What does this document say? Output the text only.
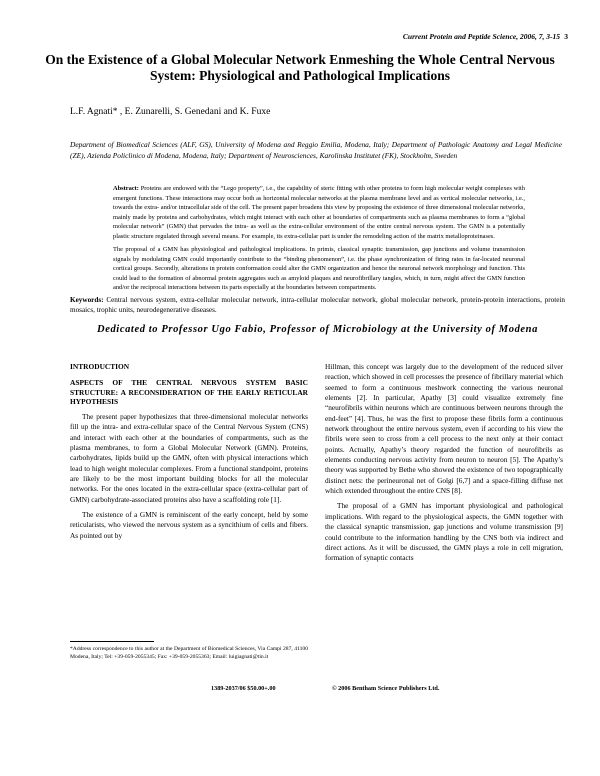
Current Protein and Peptide Science, 2006, 7, 3-15 3
On the Existence of a Global Molecular Network Enmeshing the Whole Central Nervous System: Physiological and Pathological Implications
L.F. Agnati* , E. Zunarelli, S. Genedani and K. Fuxe
Department of Biomedical Sciences (ALF, GS), University of Modena and Reggio Emilia, Modena, Italy; Department of Pathologic Anatomy and Legal Medicine (ZE), Azienda Policlinico di Modena, Modena, Italy; Department of Neurosciences, Karolinska Institutet (FK), Stockholm, Sweden

Abstract: Proteins are endowed with the “Lego property”, i.e., the capability of steric fitting with other proteins to form high molecular weight complexes with emergent functions. These interactions may occur both as horizontal molecular networks at the plasma membrane level and as vertical molecular networks, i.e., towards the extra- and/or intracellular side of the cell. The present paper broadens this view by proposing the existence of three dimensional molecular networks, mainly made by proteins and carbohydrates, which might interact with each other at boundaries of compartments such as plasma membranes to form a “global molecular network” (GMN) that pervades the intra- as well as the extra-cellular environment of the entire central nervous system. The GMN is a potentially plastic structure regulated through several means. For example, its extra-cellular part is under the remodeling action of the matrix metalloproteinases.

The proposal of a GMN has physiological and pathological implications. In primis, classical synaptic transmission, gap junctions and volume transmission signals by modulating GMN could importantly contribute to the “binding phenomenon”, i.e. the phase synchronization of firing rates in far-located neuronal cortical groups. Secondly, alterations in protein conformation could alter the GMN organization and hence the neuronal network morphology and function. This could lead to the formation of abnormal protein aggregates such as amyloid plaques and neurofibrillary tangles, which, in turn, might affect the GMN function and/or the reciprocal interactions between its parts especially at the boundaries between compartments.

Keywords: Central nervous system, extra-cellular molecular network, intra-cellular molecular network, global molecular network, protein-protein interactions, protein mosaics, trophic units, neurodegenerative diseases.
Dedicated to Professor Ugo Fabio, Professor of Microbiology at the University of Modena
INTRODUCTION
ASPECTS OF THE CENTRAL NERVOUS SYSTEM BASIC STRUCTURE: A RECONSIDERATION OF THE EARLY RETICULAR HYPOTHESIS

The present paper hypothesizes that three-dimensional molecular networks fill up the intra- and extra-cellular space of the Central Nervous System (CNS) and interact with each other at the boundaries of compartments, such as the plasma membranes, to form a Global Molecular Network (GMN). Proteins, carbohydrates, lipids build up the GMN, often with physical interactions which lead to high weight molecular complexes. From a functional standpoint, proteins are likely to be the most important building blocks for all the molecular networks. For the ones located in the extra-cellular space (extra-cellular part of GMN) carbohydrate-associated proteins also have a scaffolding role [1].

The existence of a GMN is reminiscent of the early concept, held by some reticularists, who viewed the nervous system as a syncithium of cells and fibers. As pointed out by

Hillman, this concept was largely due to the development of the reduced silver reaction, which showed in cell processes the presence of fibrillary material which seemed to form a continuous meshwork connecting the various neuronal elements [2]. In particular, Apathy [3] could visualize extremely fine “neurofibrils within neurons which are continuous between neurons through the end-feet” [4]. Thus, he was the first to propose these fibrils form a continuous network throughout the entire nervous system, even if according to his view the fibrils were seen to cross from a cell process to the next only at their contact points. Actually, Apathy’s theory regarded the function of neurofibrils as elements conducting nervous activity from neuron to neuron [5]. The Apathy’s theory was supported by Bethe who showed the existence of two topographically distinct nets: the perineuronal net of Golgi [6,7] and a space-filling diffuse net which extended throughout the entire CNS [8].

The proposal of a GMN has important physiological and pathological implications. With regard to the physiological aspects, the GMN together with the classical synaptic transmission, gap junctions and volume transmission [9] could contribute to the information handling by the CNS both via indirect and direct actions. As it will be discussed, the GMN plays a role in cell migration, formation of synaptic contacts

*Address correspondence to this author at the Department of Biomedical Sciences, Via Campi 287, 41100 Modena, Italy; Tel: +39-059-2055345; Fax: +39-059-2055363; Email: luigiagnati@tin.it
1389-2037/06 $50.00+.00	© 2006 Bentham Science Publishers Ltd.
